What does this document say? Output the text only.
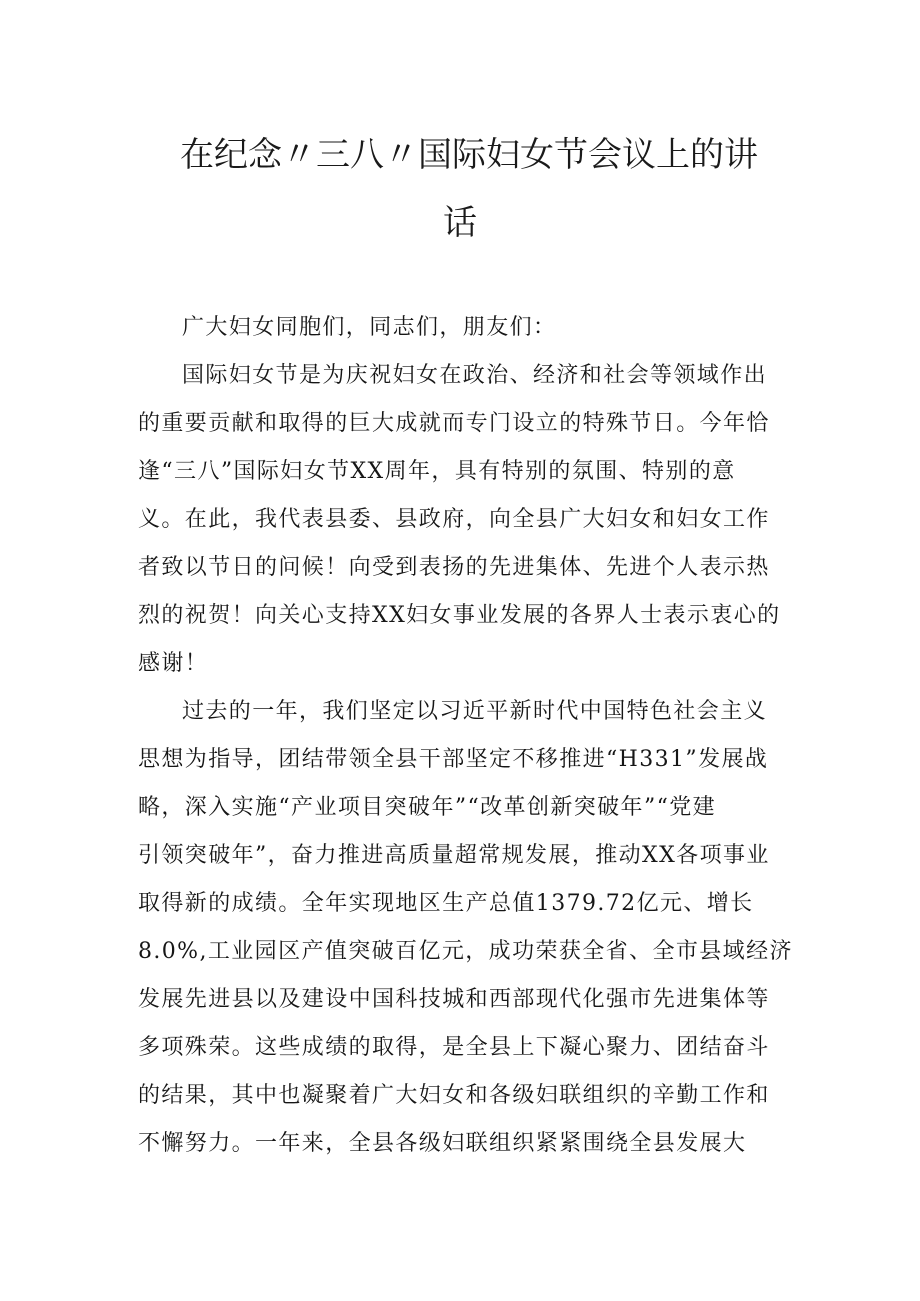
在纪念〃三八〃国际妇女节会议上的讲
话
广大妇女同胞们，同志们，朋友们：
国际妇女节是为庆祝妇女在政治、经济和社会等领域作出
的重要贡献和取得的巨大成就而专门设立的特殊节日。今年恰
逢“三八”国际妇女节XX周年，具有特别的氛围、特别的意
义。在此，我代表县委、县政府，向全县广大妇女和妇女工作
者致以节日的问候！向受到表扬的先进集体、先进个人表示热
烈的祝贺！向关心支持XX妇女事业发展的各界人士表示衷心的
感谢！
过去的一年，我们坚定以习近平新时代中国特色社会主义
思想为指导，团结带领全县干部坚定不移推进“H331”发展战
略，深入实施“产业项目突破年”“改革创新突破年”“党建
引领突破年”，奋力推进高质量超常规发展，推动XX各项事业
取得新的成绩。全年实现地区生产总值1379.72亿元、增长
8.0%,工业园区产值突破百亿元，成功荣获全省、全市县域经济
发展先进县以及建设中国科技城和西部现代化强市先进集体等
多项殊荣。这些成绩的取得，是全县上下凝心聚力、团结奋斗
的结果，其中也凝聚着广大妇女和各级妇联组织的辛勤工作和
不懈努力。一年来，全县各级妇联组织紧紧围绕全县发展大
